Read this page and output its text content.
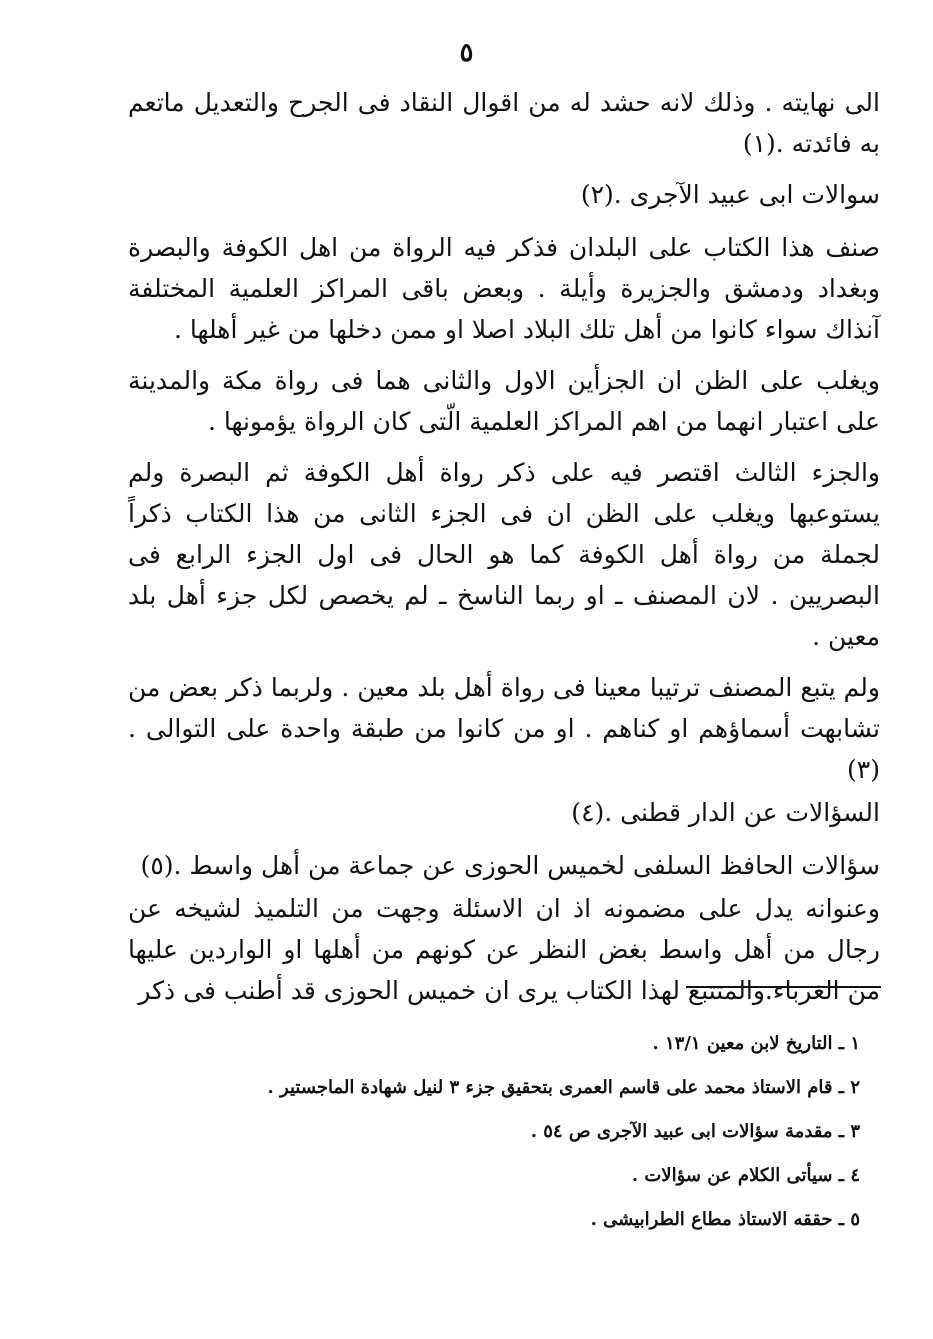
٥

الى نهايته . وذلك لانه حشد له من اقوال النقاد فى الجرح والتعديل ماتعم به فائدته .(١)

سوالات ابى عبيد الآجرى .(٢)

صنف هذا الكتاب على البلدان فذكر فيه الرواة من اهل الكوفة والبصرة وبغداد ودمشق والجزيرة وأيلة . وبعض باقى المراكز العلمية المختلفة آنذاك سواء كانوا من أهل تلك البلاد اصلا او ممن دخلها من غير أهلها .

ويغلب على الظن ان الجزأين الاول والثانى هما فى رواة مكة والمدينة على اعتبار انهما من اهم المراكز العلمية الّتى كان الرواة يؤمونها .

والجزء الثالث اقتصر فيه على ذكر رواة أهل الكوفة ثم البصرة ولم يستوعبها ويغلب على الظن ان فى الجزء الثانى من هذا الكتاب ذكراً لجملة من رواة أهل الكوفة كما هو الحال فى اول الجزء الرابع فى البصريين . لان المصنف ـ او ربما الناسخ ـ لم يخصص لكل جزء أهل بلد معين .

ولم يتبع المصنف ترتيبا معينا فى رواة أهل بلد معين . ولربما ذكر بعض من تشابهت أسماؤهم او كناهم . او من كانوا من طبقة واحدة على التوالى .(٣)

السؤالات عن الدار قطنى .(٤)

سؤالات الحافظ السلفى لخميس الحوزى عن جماعة من أهل واسط .(٥)

وعنوانه يدل على مضمونه اذ ان الاسئلة وجهت من التلميذ لشيخه عن رجال من أهل واسط بغض النظر عن كونهم من أهلها او الواردين عليها من الغرباء.والمتتبع لهذا الكتاب يرى ان خميس الحوزى قد أطنب فى ذكر

١ ـ التاريخ لابن معين ١٣/١ .

٢ ـ قام الاستاذ محمد على قاسم العمرى بتحقيق جزء ٣ لنيل شهادة الماجستير .

٣ ـ مقدمة سؤالات ابى عبيد الآجرى ص ٥٤ .

٤ ـ سيأتى الكلام عن سؤالات .

٥ ـ حققه الاستاذ مطاع الطرابيشى .
